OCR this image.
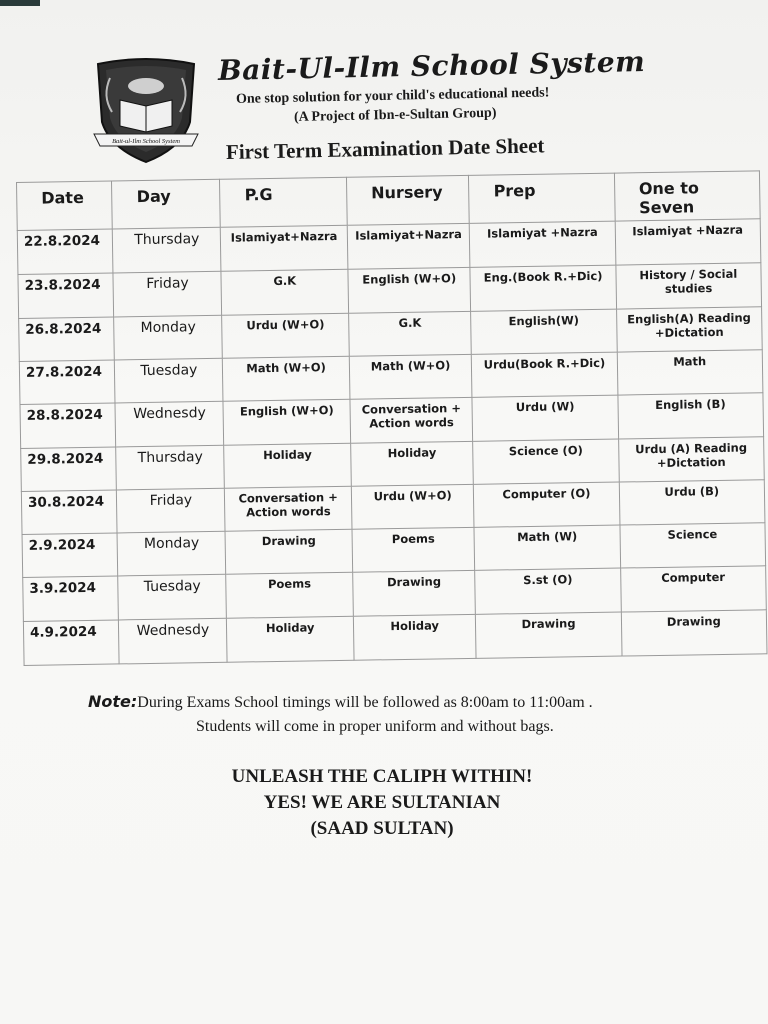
Bait-ul-Ilm School System
Bait-Ul-Ilm School System
One stop solution for your child's educational needs!
(A Project of Ibn-e-Sultan Group)
First Term Examination Date Sheet
Date	Day	P.G	Nursery	Prep	One to Seven
22.8.2024	Thursday	Islamiyat+Nazra	Islamiyat+Nazra	Islamiyat +Nazra	Islamiyat +Nazra
23.8.2024	Friday	G.K	English (W+O)	Eng.(Book R.+Dic)	History / Social studies
26.8.2024	Monday	Urdu (W+O)	G.K	English(W)	English(A) Reading +Dictation
27.8.2024	Tuesday	Math (W+O)	Math (W+O)	Urdu(Book R.+Dic)	Math
28.8.2024	Wednesdy	English (W+O)	Conversation + Action words	Urdu (W)	English (B)
29.8.2024	Thursday	Holiday	Holiday	Science (O)	Urdu (A) Reading +Dictation
30.8.2024	Friday	Conversation + Action words	Urdu (W+O)	Computer (O)	Urdu (B)
2.9.2024	Monday	Drawing	Poems	Math (W)	Science
3.9.2024	Tuesday	Poems	Drawing	S.st (O)	Computer
4.9.2024	Wednesdy	Holiday	Holiday	Drawing	Drawing
Note:During Exams School timings will be followed as 8:00am to 11:00am .
Students will come in proper uniform and without bags.
UNLEASH THE CALIPH WITHIN!
YES! WE ARE SULTANIAN
(SAAD SULTAN)
